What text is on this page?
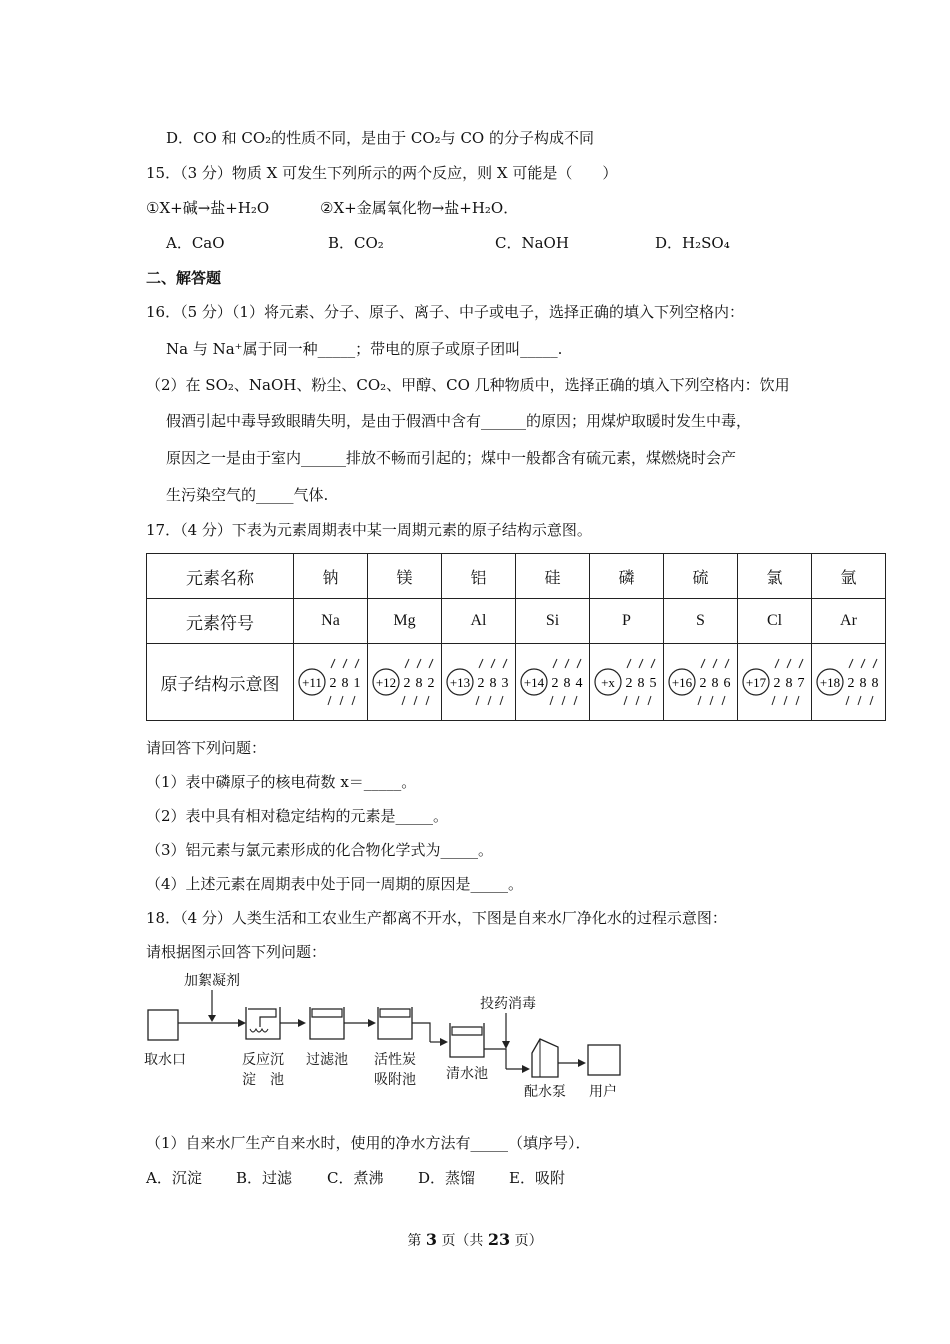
D．CO 和 CO₂的性质不同，是由于 CO₂与 CO 的分子构成不同
15．（3 分）物质 X 可发生下列所示的两个反应，则 X 可能是（　　）
①X+碱→盐+H₂O	②X+金属氧化物→盐+H₂O．
A．CaO	B．CO₂	C．NaOH	D．H₂SO₄
二、解答题
16．（5 分）（1）将元素、分子、原子、离子、中子或电子，选择正确的填入下列空格内：
Na 与 Na⁺属于同一种_____；带电的原子或原子团叫_____.
（2）在 SO₂、NaOH、粉尘、CO₂、甲醇、CO 几种物质中，选择正确的填入下列空格内：饮用
假酒引起中毒导致眼睛失明，是由于假酒中含有______的原因；用煤炉取暖时发生中毒，
原因之一是由于室内______排放不畅而引起的；煤中一般都含有硫元素，煤燃烧时会产
生污染空气的_____气体.
17．（4 分）下表为元素周期表中某一周期元素的原子结构示意图。
元素名称	钠	镁	铝	硅	磷	硫	氯	氩
元素符号	Na	Mg	Al	Si	P	S	Cl	Ar
原子结构示意图	+11 2 8 1	+12 2 8 2	+13 2 8 3	+14 2 8 4	+x 2 8 5	+16 2 8 6	+17 2 8 7	+18 2 8 8
请回答下列问题：
（1）表中磷原子的核电荷数 x＝_____。
（2）表中具有相对稳定结构的元素是_____。
（3）铝元素与氯元素形成的化合物化学式为_____。
（4）上述元素在周期表中处于同一周期的原因是_____。
18．（4 分）人类生活和工农业生产都离不开水，下图是自来水厂净化水的过程示意图：
请根据图示回答下列问题：
加絮凝剂
取水口	反应沉
淀　池
过滤池 活性炭
吸附池 清水池
投药消毒
配水泵 用户
（1）自来水厂生产自来水时，使用的净水方法有_____（填序号）．
A．沉淀 B．过滤 C．煮沸 D．蒸馏 E．吸附
第 3 页（共 23 页）
